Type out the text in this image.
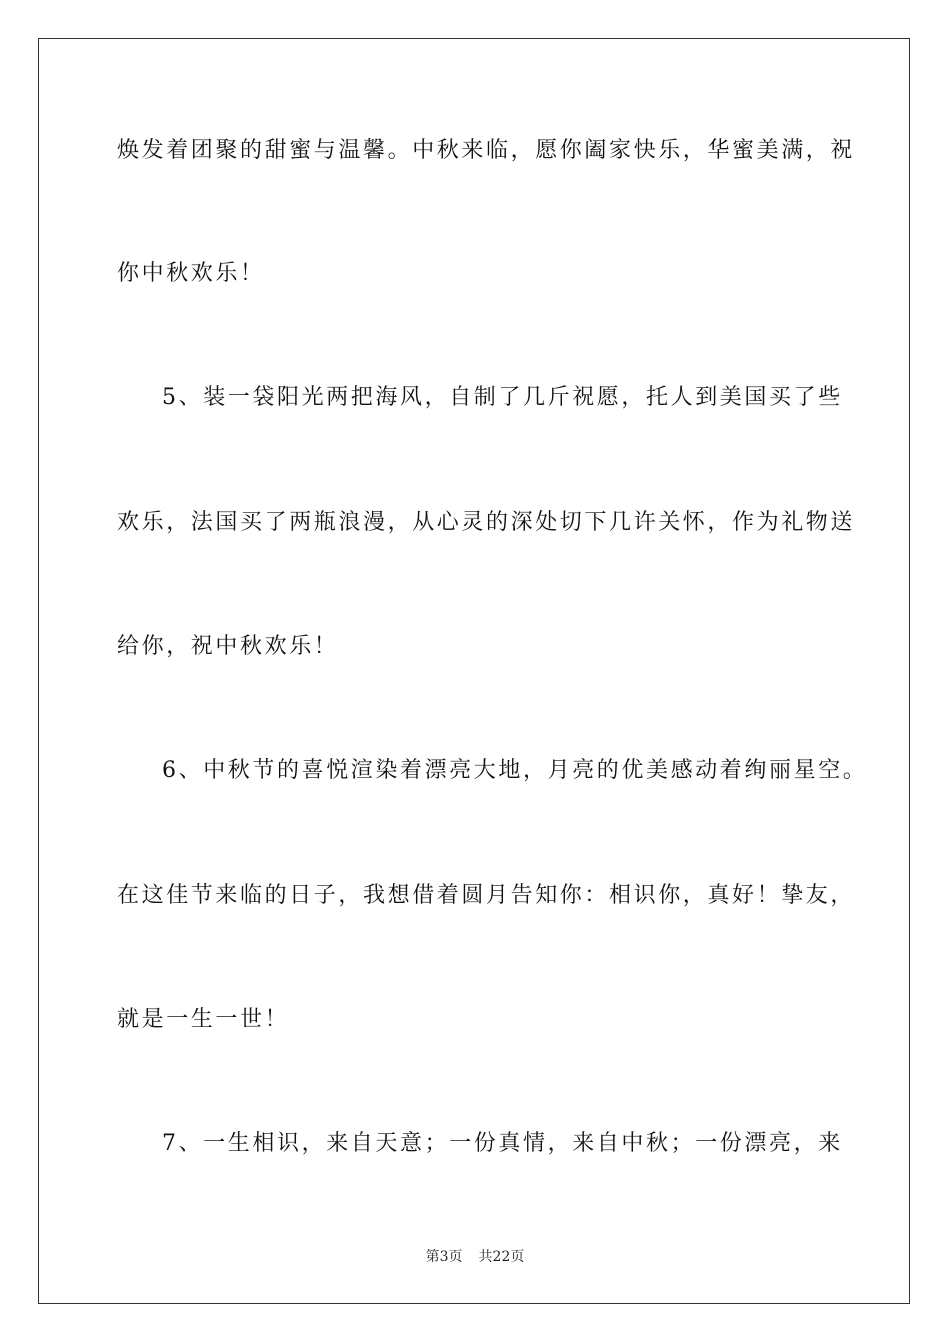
焕发着团聚的甜蜜与温馨。中秋来临，愿你阖家快乐，华蜜美满，祝
你中秋欢乐！
5、装一袋阳光两把海风，自制了几斤祝愿，托人到美国买了些
欢乐，法国买了两瓶浪漫，从心灵的深处切下几许关怀，作为礼物送
给你，祝中秋欢乐！
6、中秋节的喜悦渲染着漂亮大地，月亮的优美感动着绚丽星空。
在这佳节来临的日子，我想借着圆月告知你：相识你，真好！挚友，
就是一生一世！
7、一生相识，来自天意；一份真情，来自中秋；一份漂亮，来
第3页 共22页
